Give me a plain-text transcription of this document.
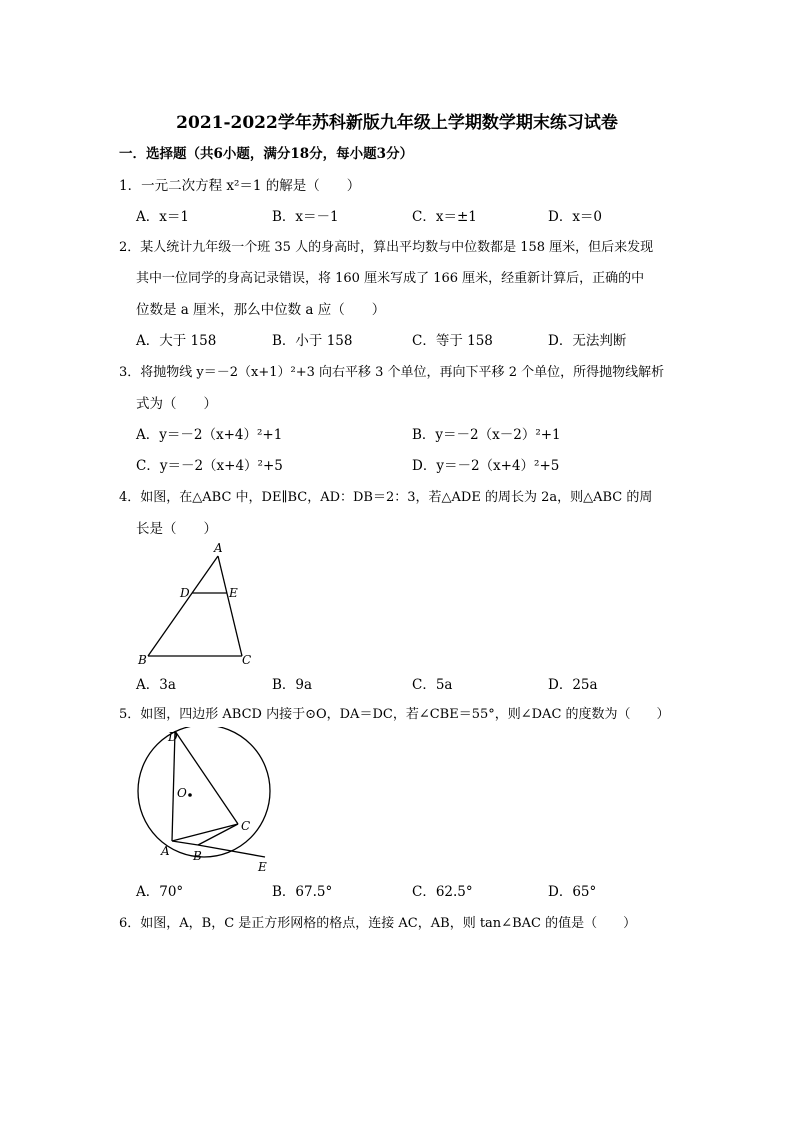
2021-2022学年苏科新版九年级上学期数学期末练习试卷
一．选择题（共6小题，满分18分，每小题3分）
1．一元二次方程 x²＝1 的解是（　　）
A．x＝1	B．x＝－1	C．x＝±1	D．x＝0
2．某人统计九年级一个班 35 人的身高时，算出平均数与中位数都是 158 厘米，但后来发现
其中一位同学的身高记录错误，将 160 厘米写成了 166 厘米，经重新计算后，正确的中
位数是 a 厘米，那么中位数 a 应（　　）
A．大于 158	B．小于 158	C．等于 158	D．无法判断
3．将抛物线 y＝－2（x+1）²+3 向右平移 3 个单位，再向下平移 2 个单位，所得抛物线解析
式为（　　）
A．y＝－2（x+4）²+1	B．y＝－2（x－2）²+1
C．y＝－2（x+4）²+5	D．y＝－2（x+4）²+5
4．如图，在△ABC 中，DE∥BC，AD：DB＝2：3，若△ADE 的周长为 2a，则△ABC 的周
长是（　　）
A
D	E
B	C
A．3a	B．9a	C．5a	D．25a
5．如图，四边形 ABCD 内接于⊙O，DA＝DC，若∠CBE＝55°，则∠DAC 的度数为（　　）
D
O
C
A B
E
A．70°	B．67.5°	C．62.5°	D．65°
6．如图，A，B，C 是正方形网格的格点，连接 AC，AB，则 tan∠BAC 的值是（　　）
